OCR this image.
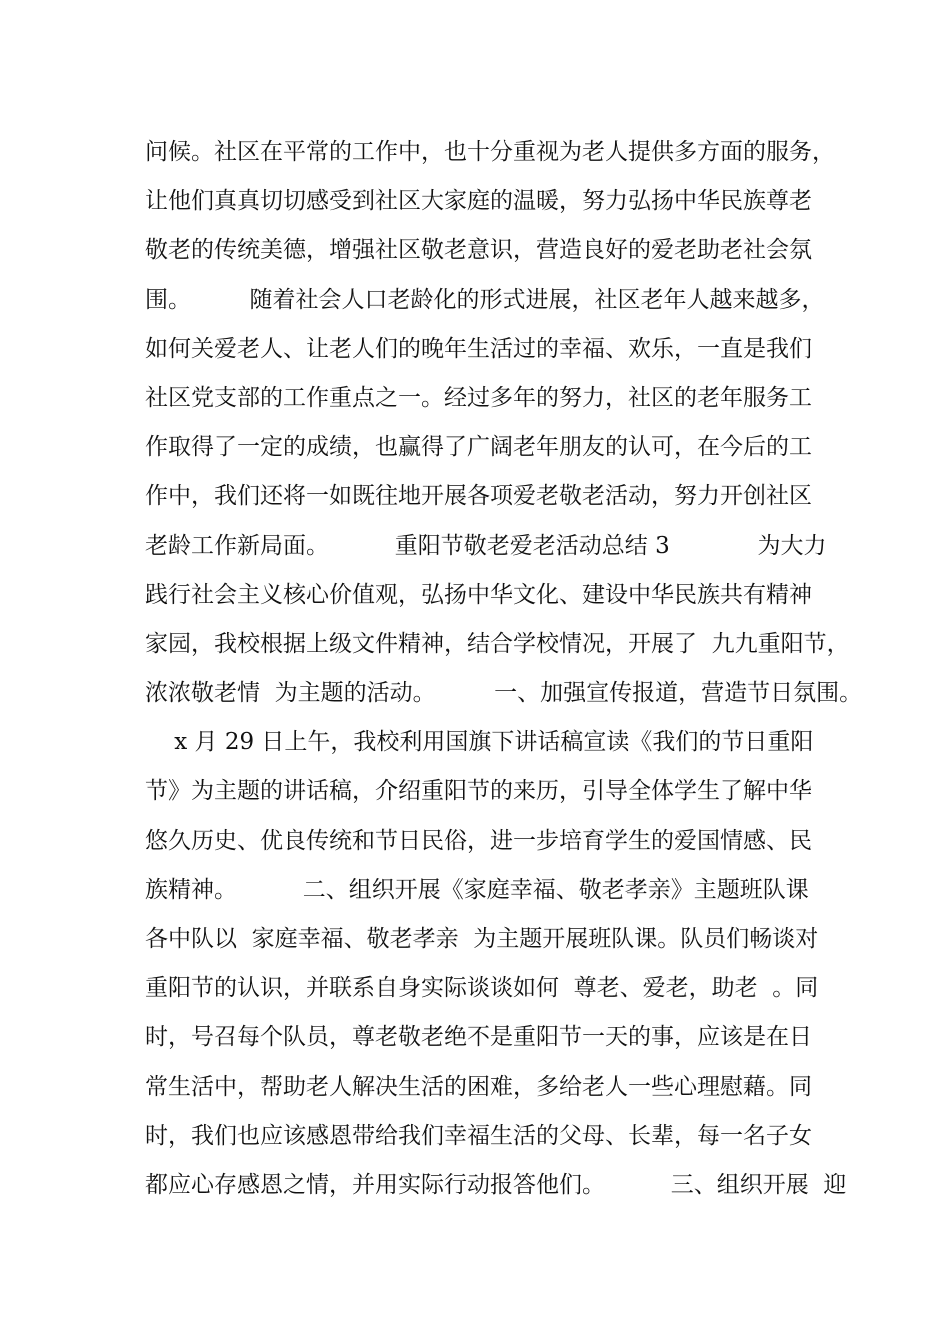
问候。社区在平常的工作中，也十分重视为老人提供多方面的服务，
让他们真真切切感受到社区大家庭的温暖，努力弘扬中华民族尊老
敬老的传统美德，增强社区敬老意识，营造良好的爱老助老社会氛
围。        随着社会人口老龄化的形式进展，社区老年人越来越多，
如何关爱老人、让老人们的晚年生活过的幸福、欢乐，一直是我们
社区党支部的工作重点之一。经过多年的努力，社区的老年服务工
作取得了一定的成绩，也赢得了广阔老年朋友的认可，在今后的工
作中，我们还将一如既往地开展各项爱老敬老活动，努力开创社区
老龄工作新局面。         重阳节敬老爱老活动总结 3            为大力
践行社会主义核心价值观，弘扬中华文化、建设中华民族共有精神
家园，我校根据上级文件精神，结合学校情况，开展了  九九重阳节，
浓浓敬老情  为主题的活动。        一、加强宣传报道，营造节日氛围。
x 月 29 日上午，我校利用国旗下讲话稿宣读《我们的节日重阳
节》为主题的讲话稿，介绍重阳节的来历，引导全体学生了解中华
悠久历史、优良传统和节日民俗，进一步培育学生的爱国情感、民
族精神。         二、组织开展《家庭幸福、敬老孝亲》主题班队课
各中队以  家庭幸福、敬老孝亲  为主题开展班队课。队员们畅谈对
重阳节的认识，并联系自身实际谈谈如何  尊老、爱老，助老  。同
时，号召每个队员，尊老敬老绝不是重阳节一天的事，应该是在日
常生活中，帮助老人解决生活的困难，多给老人一些心理慰藉。同
时，我们也应该感恩带给我们幸福生活的父母、长辈，每一名子女
都应心存感恩之情，并用实际行动报答他们。         三、组织开展  迎
